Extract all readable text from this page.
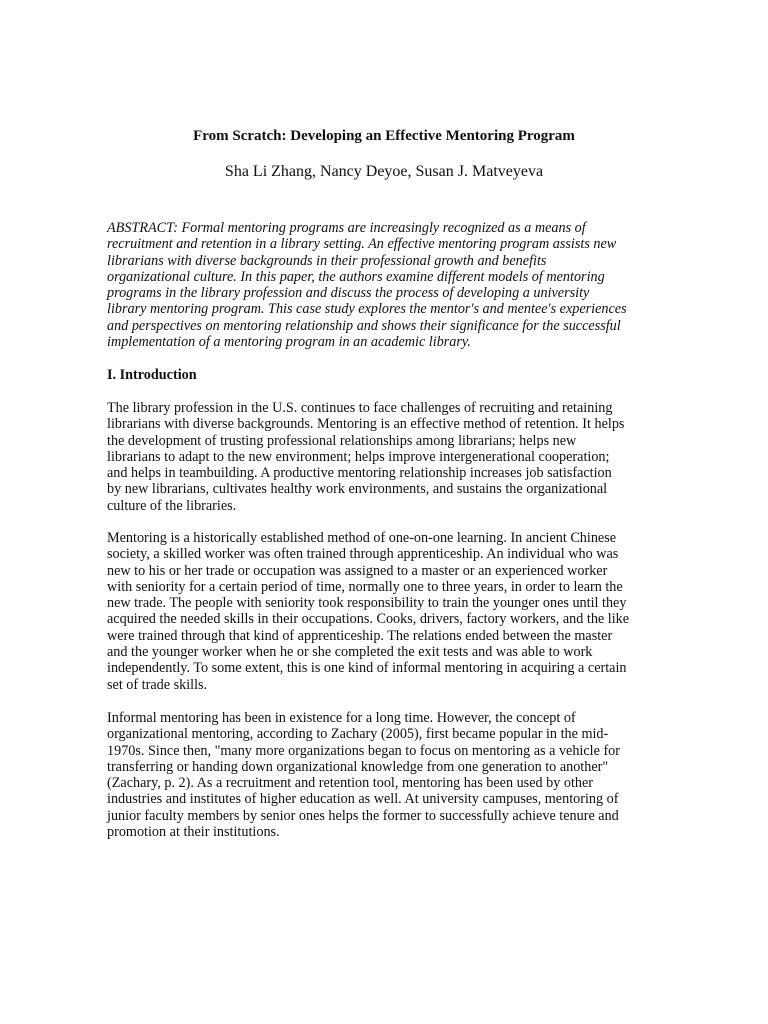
From Scratch: Developing an Effective Mentoring Program
Sha Li Zhang, Nancy Deyoe, Susan J. Matveyeva

ABSTRACT: Formal mentoring programs are increasingly recognized as a means of
recruitment and retention in a library setting. An effective mentoring program assists new
librarians with diverse backgrounds in their professional growth and benefits
organizational culture. In this paper, the authors examine different models of mentoring
programs in the library profession and discuss the process of developing a university
library mentoring program. This case study explores the mentor's and mentee's experiences
and perspectives on mentoring relationship and shows their significance for the successful
implementation of a mentoring program in an academic library.

I. Introduction

The library profession in the U.S. continues to face challenges of recruiting and retaining
librarians with diverse backgrounds. Mentoring is an effective method of retention. It helps
the development of trusting professional relationships among librarians; helps new
librarians to adapt to the new environment; helps improve intergenerational cooperation;
and helps in teambuilding. A productive mentoring relationship increases job satisfaction
by new librarians, cultivates healthy work environments, and sustains the organizational
culture of the libraries.

Mentoring is a historically established method of one-on-one learning. In ancient Chinese
society, a skilled worker was often trained through apprenticeship. An individual who was
new to his or her trade or occupation was assigned to a master or an experienced worker
with seniority for a certain period of time, normally one to three years, in order to learn the
new trade. The people with seniority took responsibility to train the younger ones until they
acquired the needed skills in their occupations. Cooks, drivers, factory workers, and the like
were trained through that kind of apprenticeship. The relations ended between the master
and the younger worker when he or she completed the exit tests and was able to work
independently. To some extent, this is one kind of informal mentoring in acquiring a certain
set of trade skills.

Informal mentoring has been in existence for a long time. However, the concept of
organizational mentoring, according to Zachary (2005), first became popular in the mid-
1970s. Since then, "many more organizations began to focus on mentoring as a vehicle for
transferring or handing down organizational knowledge from one generation to another"
(Zachary, p. 2). As a recruitment and retention tool, mentoring has been used by other
industries and institutes of higher education as well. At university campuses, mentoring of
junior faculty members by senior ones helps the former to successfully achieve tenure and
promotion at their institutions.
